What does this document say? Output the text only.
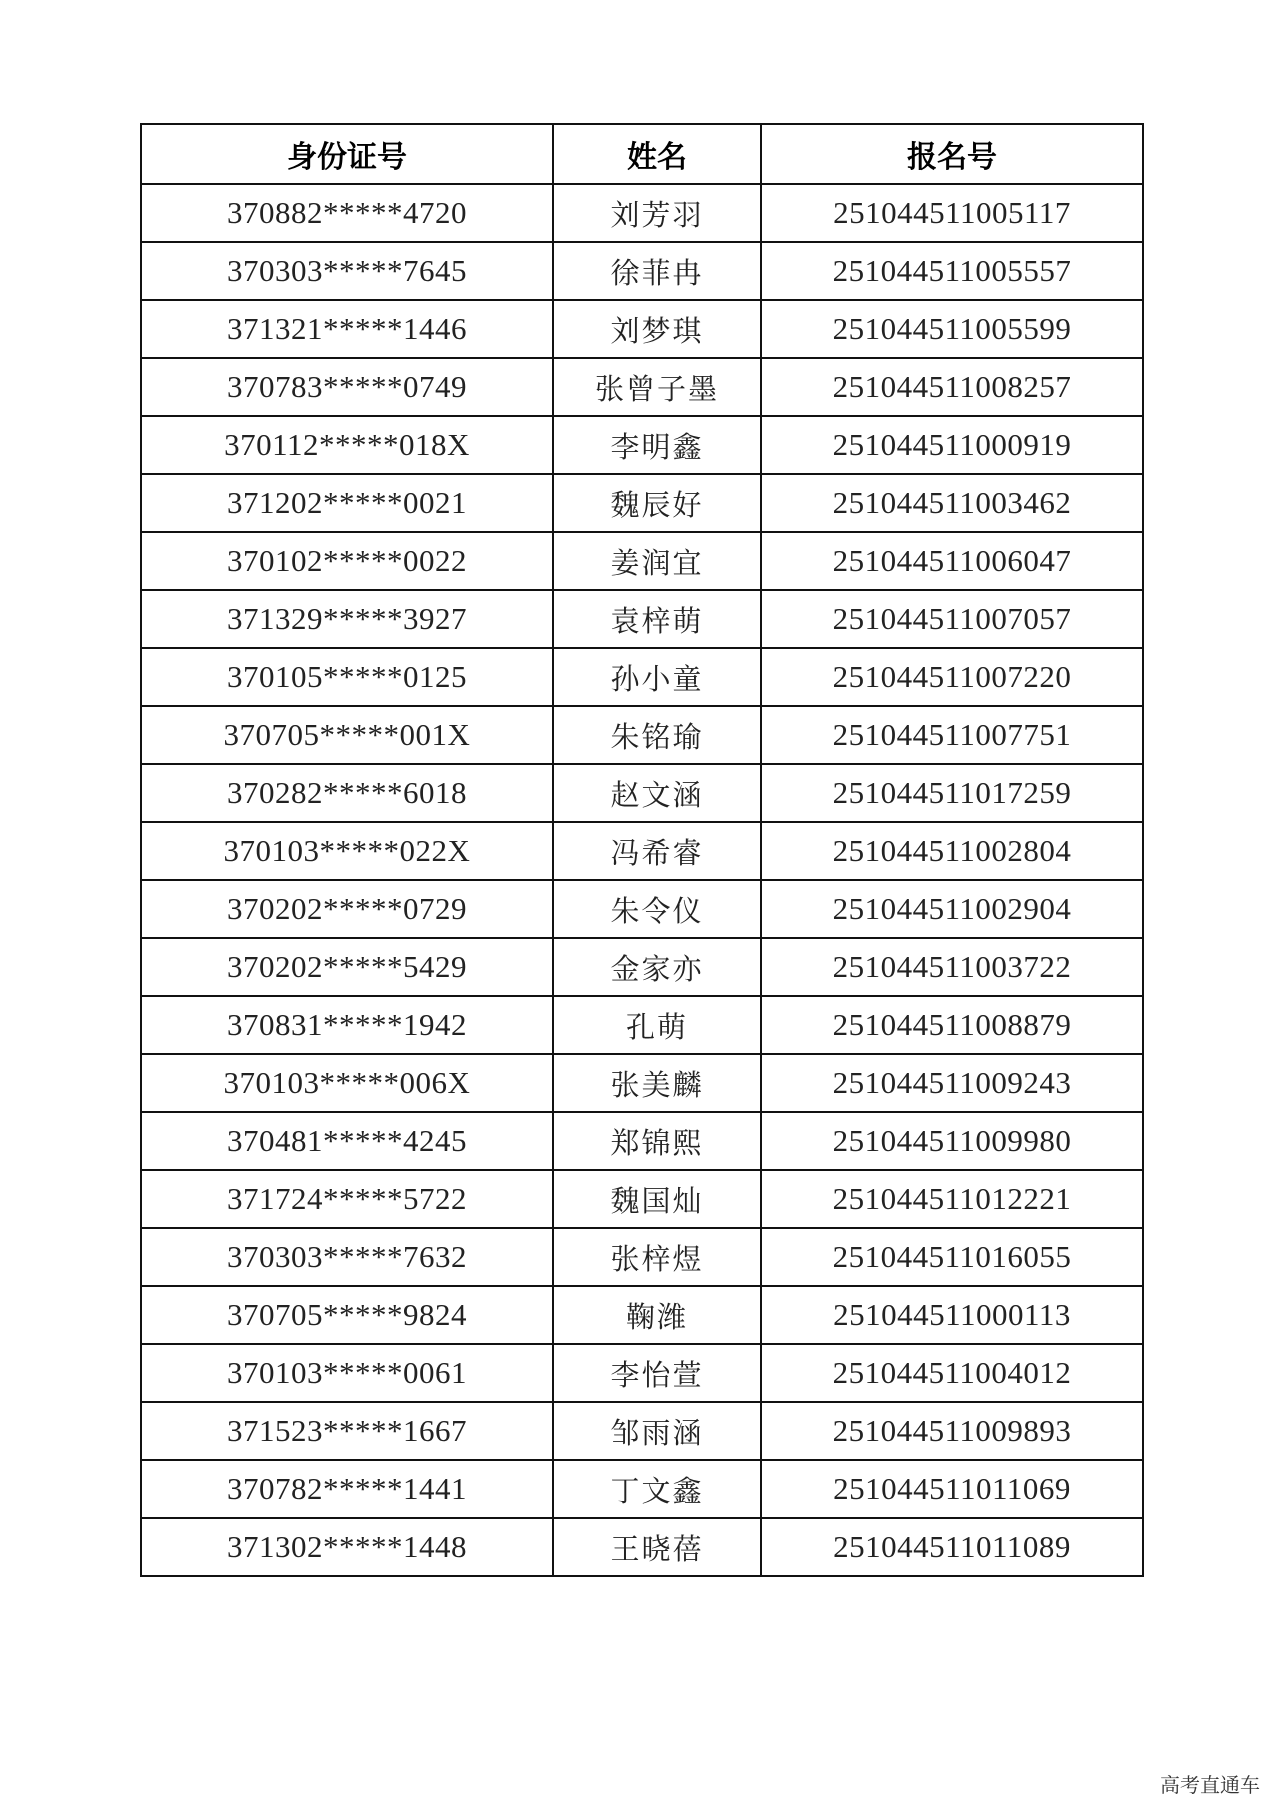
身份证号	姓名	报名号
370882*****4720	刘芳羽	251044511005117
370303*****7645	徐菲冉	251044511005557
371321*****1446	刘梦琪	251044511005599
370783*****0749	张曾子墨	251044511008257
370112*****018X	李明鑫	251044511000919
371202*****0021	魏辰好	251044511003462
370102*****0022	姜润宜	251044511006047
371329*****3927	袁梓萌	251044511007057
370105*****0125	孙小童	251044511007220
370705*****001X	朱铭瑜	251044511007751
370282*****6018	赵文涵	251044511017259
370103*****022X	冯希睿	251044511002804
370202*****0729	朱令仪	251044511002904
370202*****5429	金家亦	251044511003722
370831*****1942	孔萌	251044511008879
370103*****006X	张美麟	251044511009243
370481*****4245	郑锦熙	251044511009980
371724*****5722	魏国灿	251044511012221
370303*****7632	张梓煜	251044511016055
370705*****9824	鞠潍	251044511000113
370103*****0061	李怡萱	251044511004012
371523*****1667	邹雨涵	251044511009893
370782*****1441	丁文鑫	251044511011069
371302*****1448	王晓蓓	251044511011089
高考直通车
